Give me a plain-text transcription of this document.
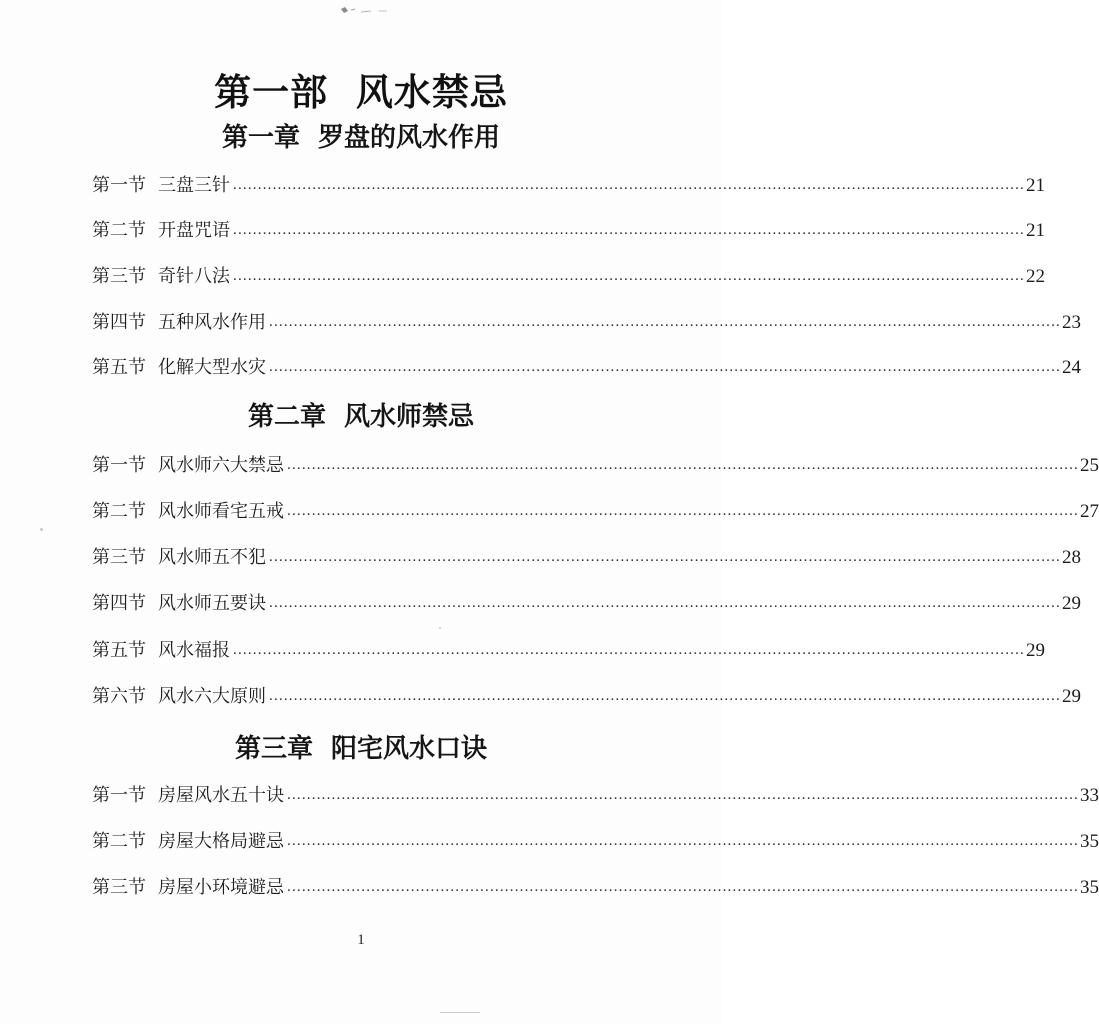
第一部  风水禁忌
第一章  罗盘的风水作用
第一节 三盘三针 ................................................................................................................................................................ 21
第二节 开盘咒语 ................................................................................................................................................................ 21
第三节 奇针八法 ................................................................................................................................................................ 22
第四节 五种风水作用 ................................................................................................................................................................ 23
第五节 化解大型水灾 ................................................................................................................................................................ 24
第二章  风水师禁忌
第一节 风水师六大禁忌 ................................................................................................................................................................ 25
第二节 风水师看宅五戒 ................................................................................................................................................................ 27
第三节 风水师五不犯 ................................................................................................................................................................ 28
第四节 风水师五要诀 ................................................................................................................................................................ 29
第五节 风水福报 ................................................................................................................................................................ 29
第六节 风水六大原则 ................................................................................................................................................................ 29
第三章  阳宅风水口诀
第一节 房屋风水五十诀 ................................................................................................................................................................ 33
第二节 房屋大格局避忌 ................................................................................................................................................................ 35
第三节 房屋小环境避忌 ................................................................................................................................................................ 35
1
